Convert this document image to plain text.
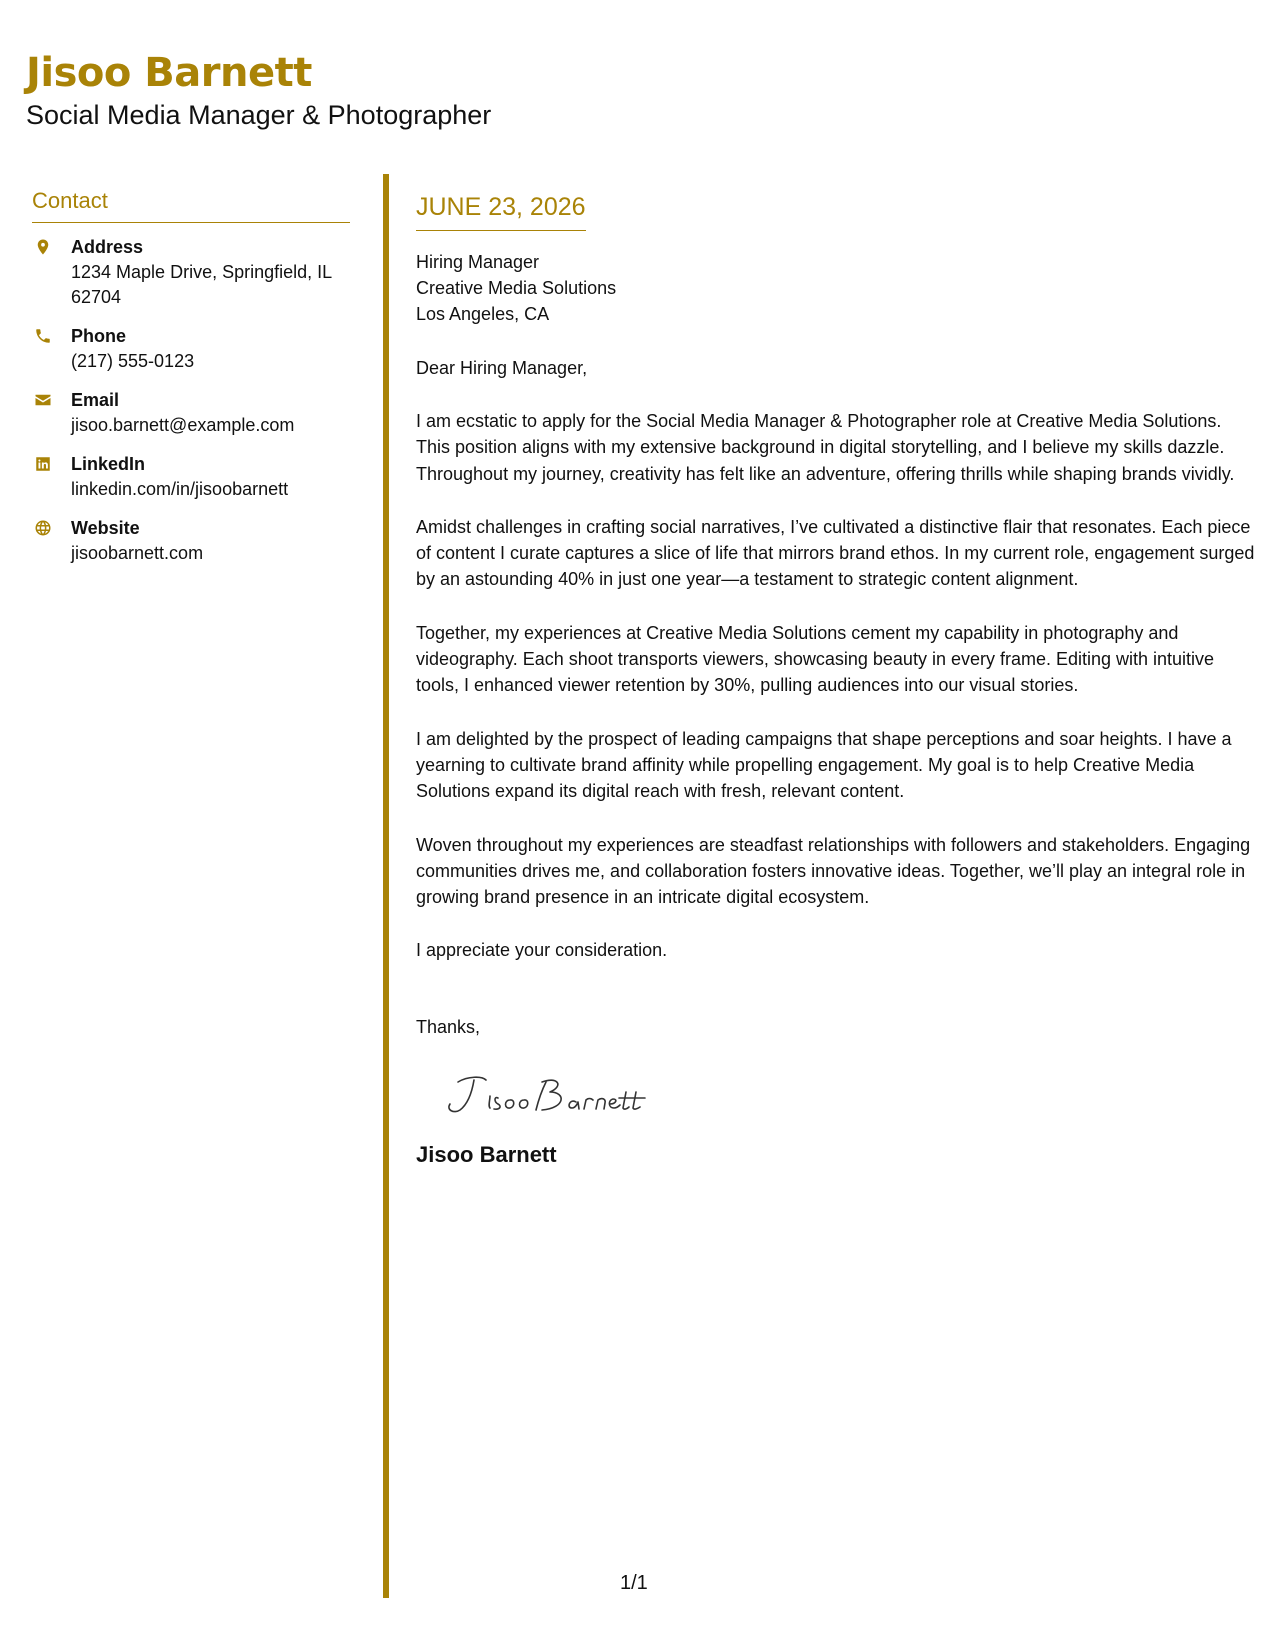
Jisoo Barnett
Social Media Manager & Photographer
Contact
Address
1234 Maple Drive, Springfield, IL 62704
Phone
(217) 555-0123
Email
jisoo.barnett@example.com
LinkedIn
linkedin.com/in/jisoobarnett
Website
jisoobarnett.com
JUNE 23, 2026
Hiring Manager
Creative Media Solutions
Los Angeles, CA
Dear Hiring Manager,
I am ecstatic to apply for the Social Media Manager & Photographer role at Creative Media Solutions. This position aligns with my extensive background in digital storytelling, and I believe my skills dazzle. Throughout my journey, creativity has felt like an adventure, offering thrills while shaping brands vividly.
Amidst challenges in crafting social narratives, I’ve cultivated a distinctive flair that resonates. Each piece of content I curate captures a slice of life that mirrors brand ethos. In my current role, engagement surged by an astounding 40% in just one year—a testament to strategic content alignment.
Together, my experiences at Creative Media Solutions cement my capability in photography and videography. Each shoot transports viewers, showcasing beauty in every frame. Editing with intuitive tools, I enhanced viewer retention by 30%, pulling audiences into our visual stories.
I am delighted by the prospect of leading campaigns that shape perceptions and soar heights. I have a yearning to cultivate brand affinity while propelling engagement. My goal is to help Creative Media Solutions expand its digital reach with fresh, relevant content.
Woven throughout my experiences are steadfast relationships with followers and stakeholders. Engaging communities drives me, and collaboration fosters innovative ideas. Together, we’ll play an integral role in growing brand presence in an intricate digital ecosystem.
I appreciate your consideration.
Thanks,
Jisoo Barnett
1/1
